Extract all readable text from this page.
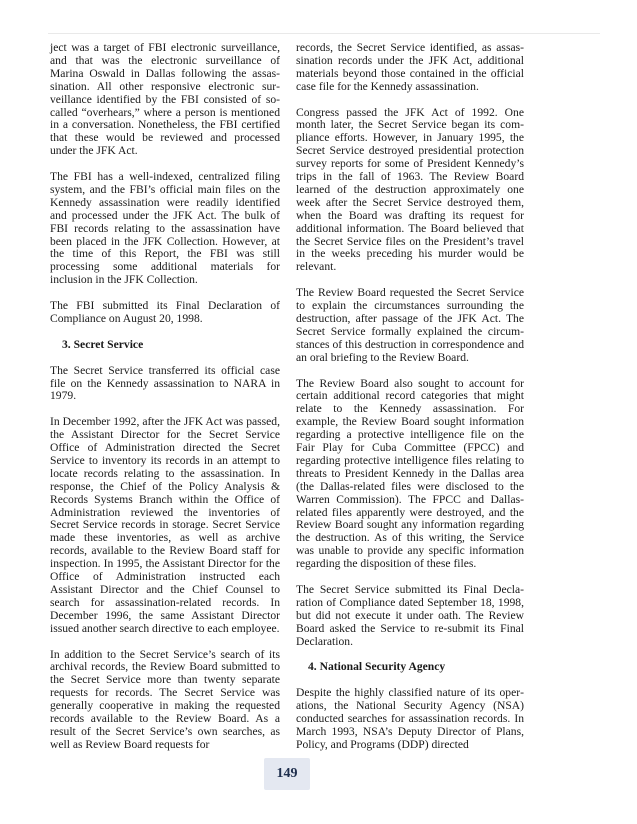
ject was a target of FBI electronic surveillance, and that was the electronic surveillance of Marina Oswald in Dallas following the assassination. All other responsive electronic surveillance identified by the FBI consisted of so-called “overhears,” where a person is mentioned in a conversation. Nonetheless, the FBI certified that these would be reviewed and processed under the JFK Act.

The FBI has a well-indexed, centralized filing system, and the FBI’s official main files on the Kennedy assassination were readily identified and processed under the JFK Act. The bulk of FBI records relating to the assassination have been placed in the JFK Collection. However, at the time of this Report, the FBI was still processing some additional materials for inclusion in the JFK Collection.

The FBI submitted its Final Declaration of Compliance on August 20, 1998.

3. Secret Service

The Secret Service transferred its official case file on the Kennedy assassination to NARA in 1979.

In December 1992, after the JFK Act was passed, the Assistant Director for the Secret Service Office of Administration directed the Secret Service to inventory its records in an attempt to locate records relating to the assassination. In response, the Chief of the Policy Analysis & Records Systems Branch within the Office of Administration reviewed the inventories of Secret Service records in storage. Secret Service made these inventories, as well as archive records, available to the Review Board staff for inspection. In 1995, the Assistant Director for the Office of Administration instructed each Assistant Director and the Chief Counsel to search for assassination-related records. In December 1996, the same Assistant Director issued another search directive to each employee.

In addition to the Secret Service’s search of its archival records, the Review Board submitted to the Secret Service more than twenty separate requests for records. The Secret Service was generally cooperative in making the requested records available to the Review Board. As a result of the Secret Service’s own searches, as well as Review Board requests for

records, the Secret Service identified, as assassination records under the JFK Act, additional materials beyond those contained in the official case file for the Kennedy assassination.

Congress passed the JFK Act of 1992. One month later, the Secret Service began its compliance efforts. However, in January 1995, the Secret Service destroyed presidential protection survey reports for some of President Kennedy’s trips in the fall of 1963. The Review Board learned of the destruction approximately one week after the Secret Service destroyed them, when the Board was drafting its request for additional information. The Board believed that the Secret Service files on the President’s travel in the weeks preceding his murder would be relevant.

The Review Board requested the Secret Service to explain the circumstances surrounding the destruction, after passage of the JFK Act. The Secret Service formally explained the circumstances of this destruction in correspondence and an oral briefing to the Review Board.

The Review Board also sought to account for certain additional record categories that might relate to the Kennedy assassination. For example, the Review Board sought information regarding a protective intelligence file on the Fair Play for Cuba Committee (FPCC) and regarding protective intelligence files relating to threats to President Kennedy in the Dallas area (the Dallas-related files were disclosed to the Warren Commission). The FPCC and Dallas-related files apparently were destroyed, and the Review Board sought any information regarding the destruction. As of this writing, the Service was unable to provide any specific information regarding the disposition of these files.

The Secret Service submitted its Final Declaration of Compliance dated September 18, 1998, but did not execute it under oath. The Review Board asked the Service to re-submit its Final Declaration.

4. National Security Agency

Despite the highly classified nature of its operations, the National Security Agency (NSA) conducted searches for assassination records. In March 1993, NSA’s Deputy Director of Plans, Policy, and Programs (DDP) directed

149
